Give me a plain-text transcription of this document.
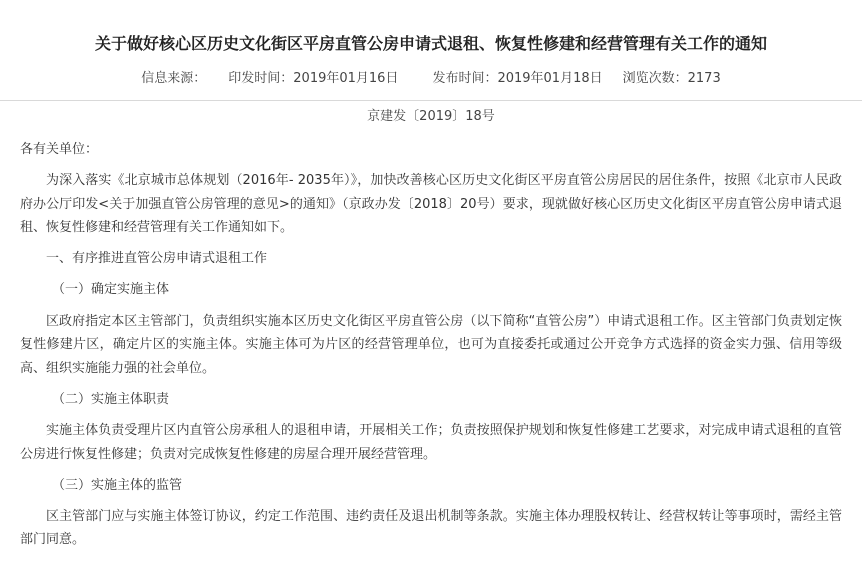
关于做好核心区历史文化街区平房直管公房申请式退租、恢复性修建和经营管理有关工作的通知
信息来源： 印发时间：2019年01月16日	发布时间：2019年01月18日 浏览次数：2173
京建发〔2019〕18号

各有关单位：

为深入落实《北京城市总体规划（2016年- 2035年）》，加快改善核心区历史文化街区平房直管公房居民的居住条件，按照《北京市人民政府办公厅印发<关于加强直管公房管理的意见>的通知》（京政办发〔2018〕20号）要求，现就做好核心区历史文化街区平房直管公房申请式退租、恢复性修建和经营管理有关工作通知如下。

一、有序推进直管公房申请式退租工作

（一）确定实施主体

区政府指定本区主管部门，负责组织实施本区历史文化街区平房直管公房（以下简称“直管公房”）申请式退租工作。区主管部门负责划定恢复性修建片区，确定片区的实施主体。实施主体可为片区的经营管理单位，也可为直接委托或通过公开竞争方式选择的资金实力强、信用等级高、组织实施能力强的社会单位。

（二）实施主体职责

实施主体负责受理片区内直管公房承租人的退租申请，开展相关工作；负责按照保护规划和恢复性修建工艺要求，对完成申请式退租的直管公房进行恢复性修建；负责对完成恢复性修建的房屋合理开展经营管理。

（三）实施主体的监管

区主管部门应与实施主体签订协议，约定工作范围、违约责任及退出机制等条款。实施主体办理股权转让、经营权转让等事项时，需经主管部门同意。
